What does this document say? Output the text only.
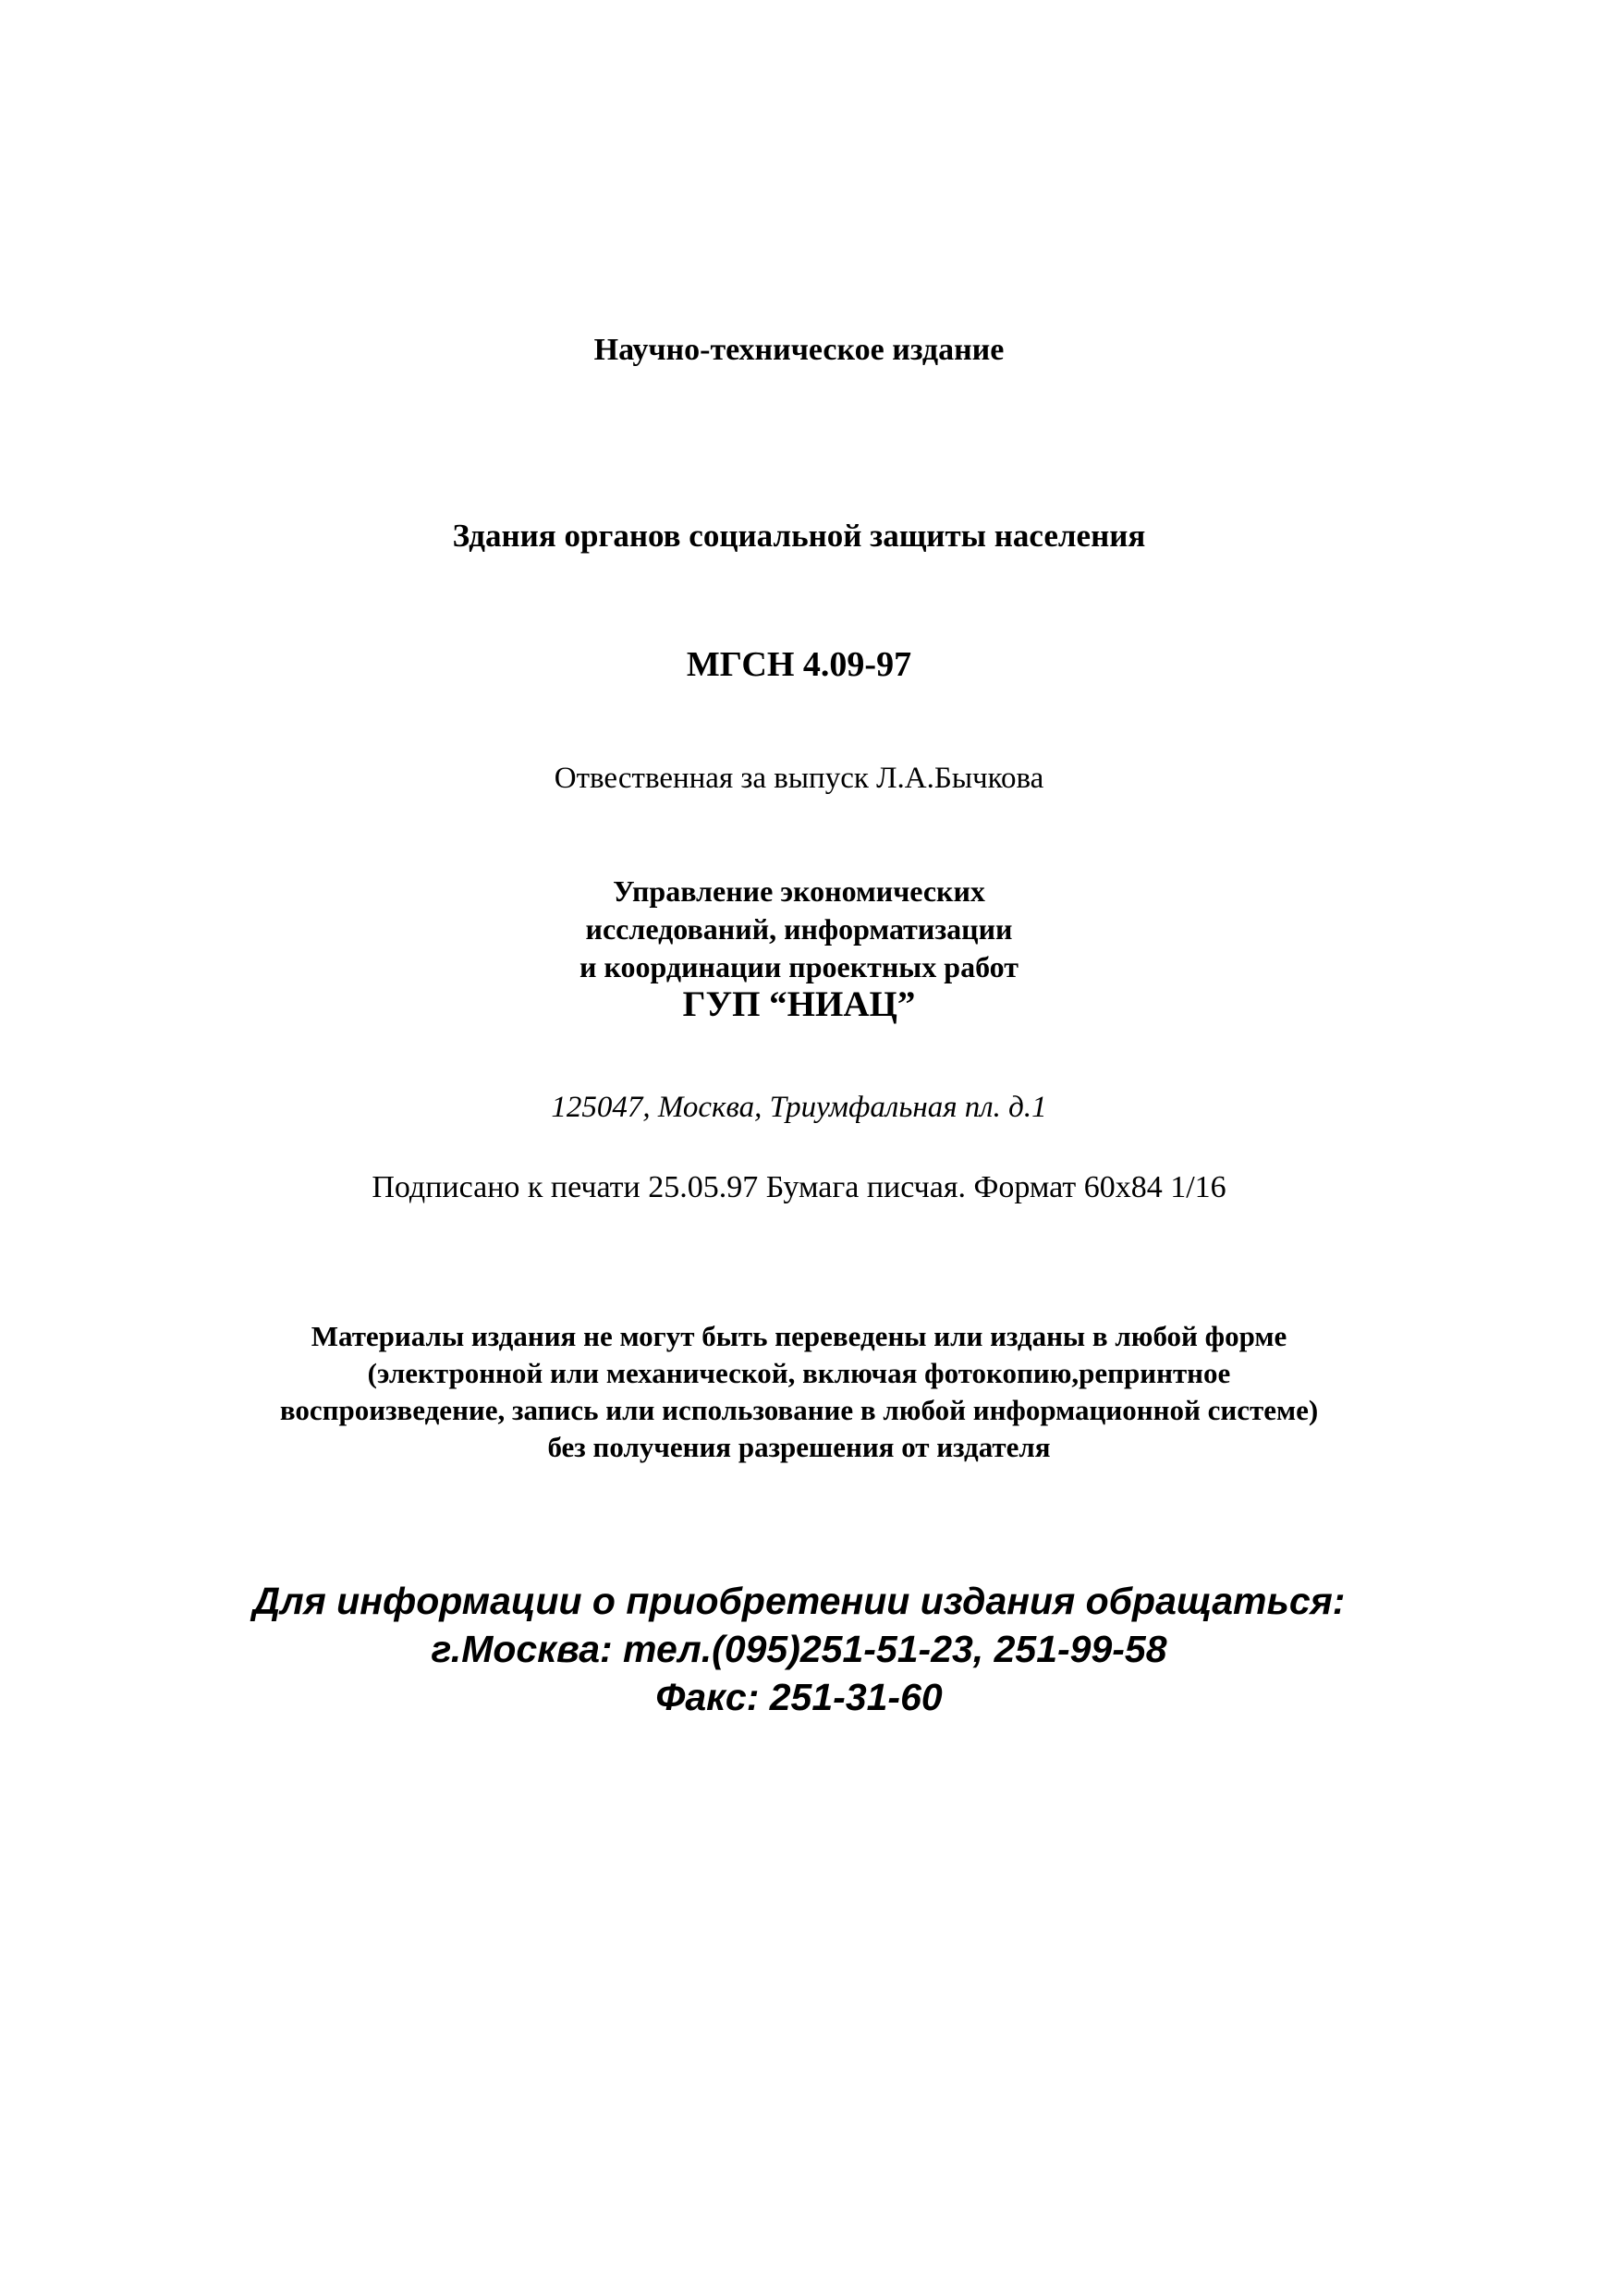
Научно-техническое издание
Здания органов социальной защиты населения
МГСН 4.09-97
Отвественная за выпуск Л.А.Бычкова
Управление экономических
исследований, информатизации
и координации проектных работ
ГУП “НИАЦ”
125047, Москва, Триумфальная пл. д.1
Подписано к печати 25.05.97 Бумага писчая. Формат 60х84 1/16
Материалы издания не могут быть переведены или изданы в любой форме
(электронной или механической, включая фотокопию,репринтное
воспроизведение, запись или использование в любой информационной системе)
без получения разрешения от издателя
Для информации о приобретении издания обращаться:
г.Москва: тел.(095)251-51-23, 251-99-58
Факс: 251-31-60
